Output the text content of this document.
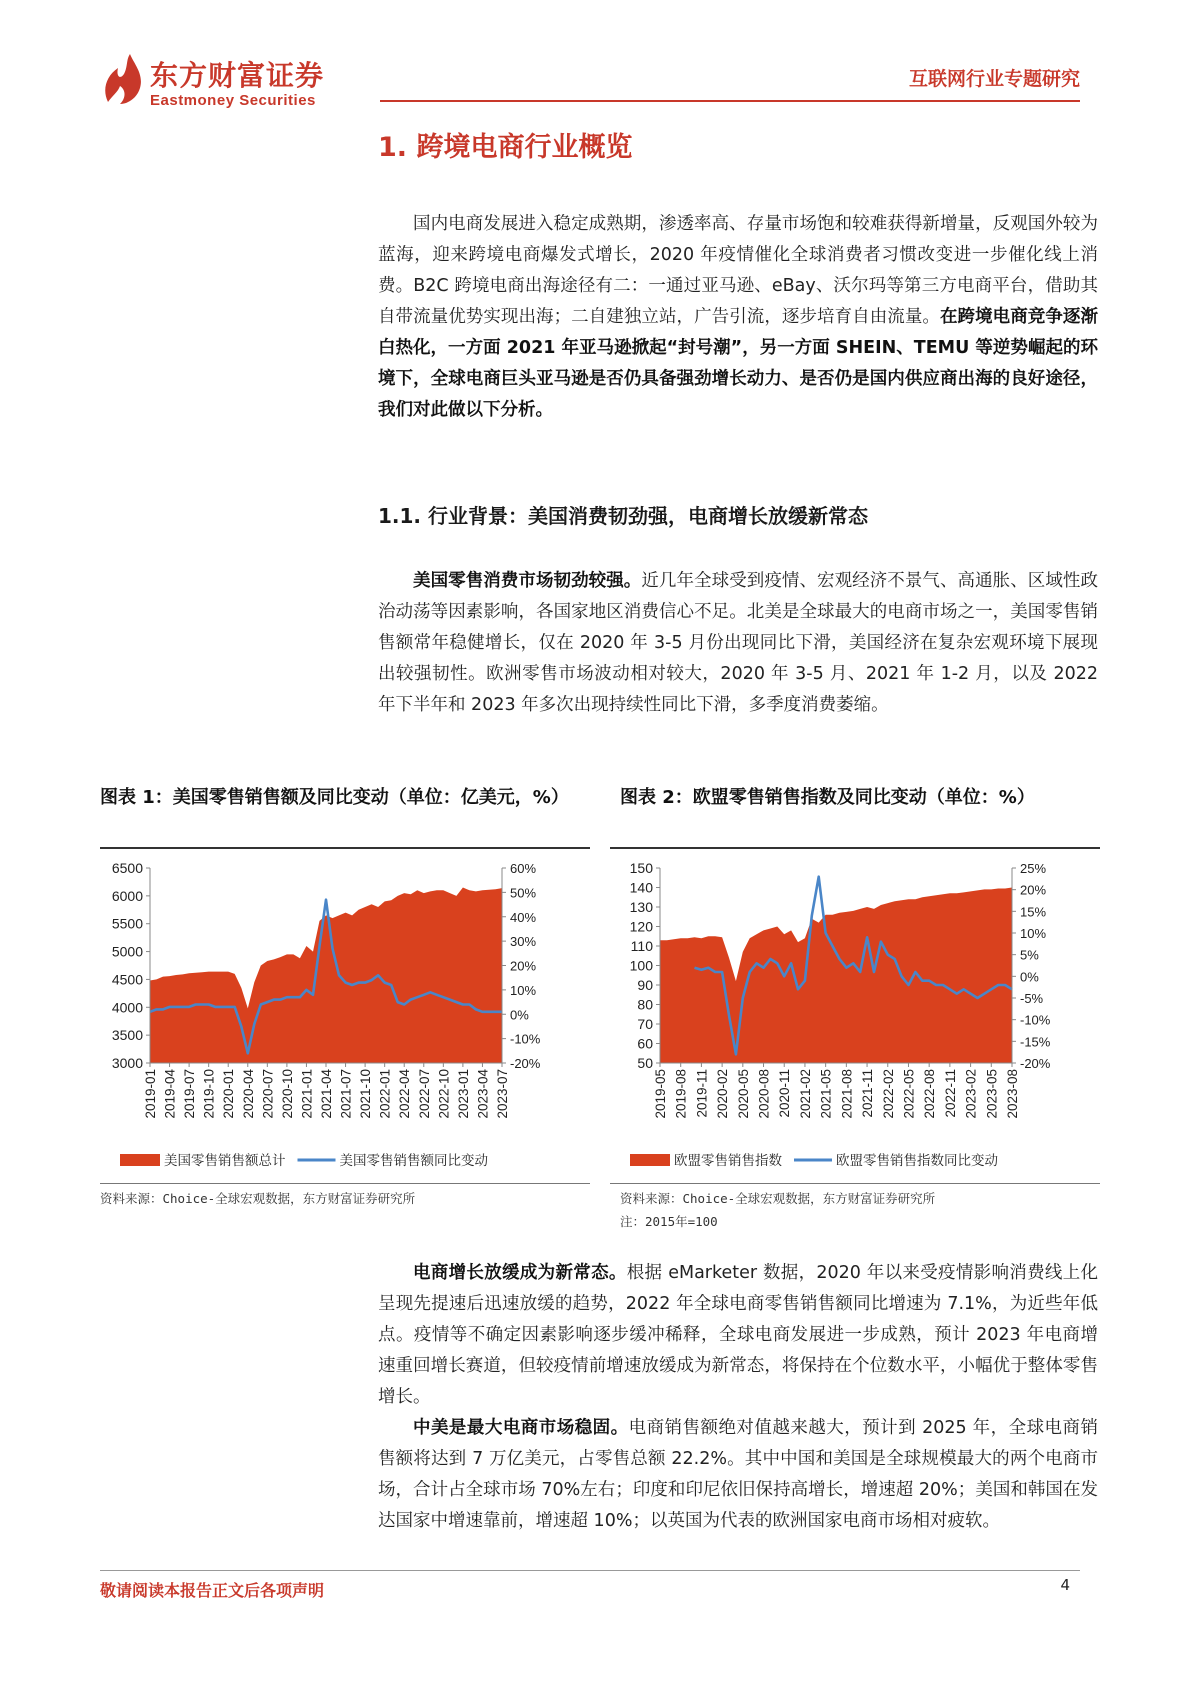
东方财富证券
Eastmoney Securities
互联网行业专题研究
1. 跨境电商行业概览
国内电商发展进入稳定成熟期，渗透率高、存量市场饱和较难获得新增量，反观国外较为蓝海，迎来跨境电商爆发式增长，2020 年疫情催化全球消费者习惯改变进一步催化线上消费。B2C 跨境电商出海途径有二：一通过亚马逊、eBay、沃尔玛等第三方电商平台，借助其自带流量优势实现出海；二自建独立站，广告引流，逐步培育自由流量。在跨境电商竞争逐渐白热化，一方面 2021 年亚马逊掀起“封号潮”，另一方面 SHEIN、TEMU 等逆势崛起的环境下，全球电商巨头亚马逊是否仍具备强劲增长动力、是否仍是国内供应商出海的良好途径，我们对此做以下分析。
1.1. 行业背景：美国消费韧劲强，电商增长放缓新常态
美国零售消费市场韧劲较强。近几年全球受到疫情、宏观经济不景气、高通胀、区域性政治动荡等因素影响，各国家地区消费信心不足。北美是全球最大的电商市场之一，美国零售销售额常年稳健增长，仅在 2020 年 3-5 月份出现同比下滑，美国经济在复杂宏观环境下展现出较强韧性。欧洲零售市场波动相对较大，2020 年 3-5 月、2021 年 1-2 月，以及 2022 年下半年和 2023 年多次出现持续性同比下滑，多季度消费萎缩。
图表 1：美国零售销售额及同比变动（单位：亿美元，%）
3000
3500
4000
4500
5000
5500
6000
6500
-20%
-10%
0%
10%
20%
30%
40%
50%
60%
2019-01 2019-04 2019-07 2019-10 2020-01 2020-04 2020-07 2020-10 2021-01 2021-04 2021-07 2021-10 2022-01 2022-04 2022-07 2022-10 2023-01 2023-04 2023-07
美国零售销售额总计	美国零售销售额同比变动
资料来源：Choice-全球宏观数据，东方财富证券研究所
图表 2：欧盟零售销售指数及同比变动（单位：%）
50
60
70
80
90
100
110
120
130
140
150
-20%
-15%
-10%
-5%
0%
5%
10%
15%
20%
25%
2019-05 2019-08 2019-11 2020-02 2020-05 2020-08 2020-11 2021-02 2021-05 2021-08 2021-11 2022-02 2022-05 2022-08 2022-11 2023-02 2023-05 2023-08
欧盟零售销售指数	欧盟零售销售指数同比变动
资料来源：Choice-全球宏观数据，东方财富证券研究所
注：2015年=100
电商增长放缓成为新常态。根据 eMarketer 数据，2020 年以来受疫情影响消费线上化呈现先提速后迅速放缓的趋势，2022 年全球电商零售销售额同比增速为 7.1%，为近些年低点。疫情等不确定因素影响逐步缓冲稀释，全球电商发展进一步成熟，预计 2023 年电商增速重回增长赛道，但较疫情前增速放缓成为新常态，将保持在个位数水平，小幅优于整体零售增长。
中美是最大电商市场稳固。电商销售额绝对值越来越大，预计到 2025 年，全球电商销售额将达到 7 万亿美元，占零售总额 22.2%。其中中国和美国是全球规模最大的两个电商市场，合计占全球市场 70%左右；印度和印尼依旧保持高增长，增速超 20%；美国和韩国在发达国家中增速靠前，增速超 10%；以英国为代表的欧洲国家电商市场相对疲软。
敬请阅读本报告正文后各项声明	4
